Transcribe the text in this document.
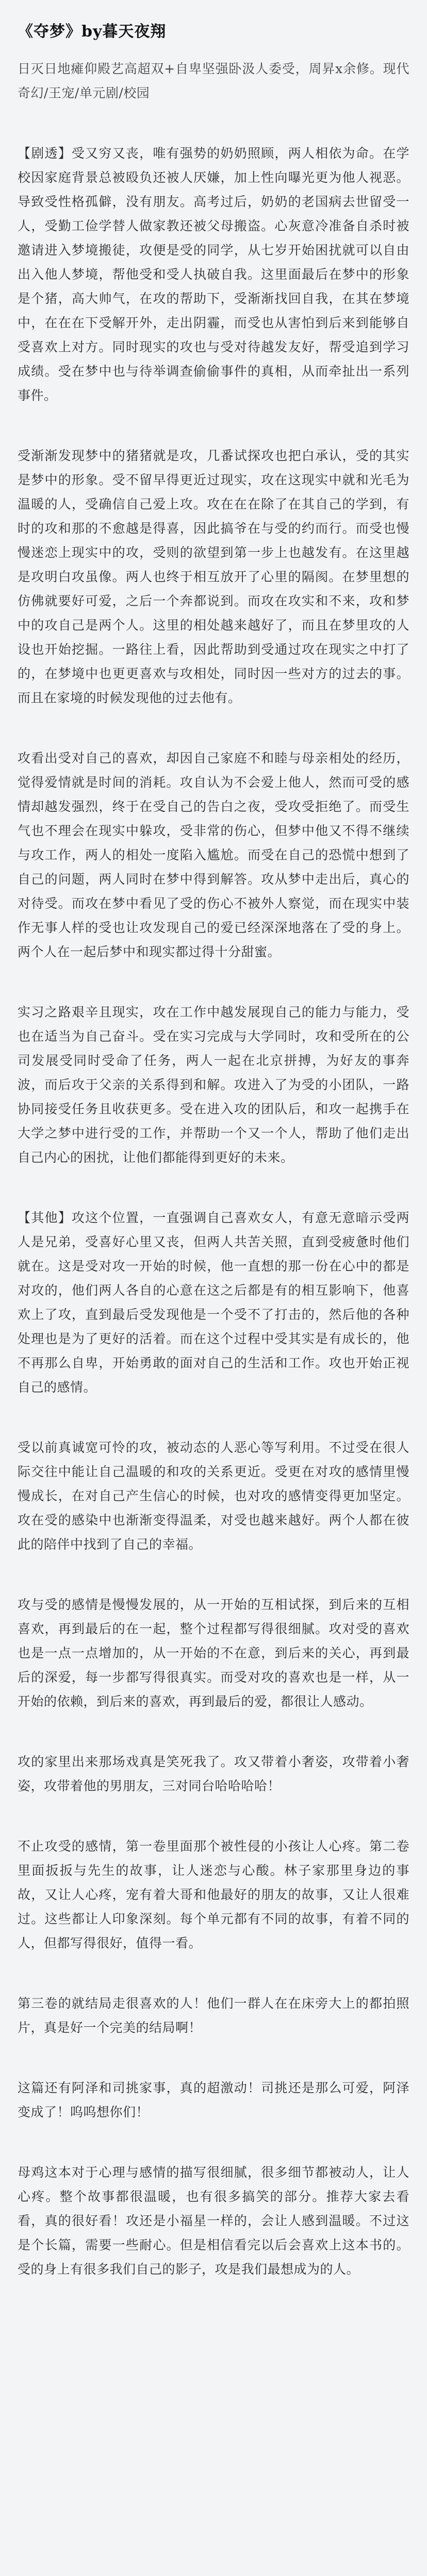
《夺梦》by暮天夜翔
日灭日地瘫仰殿艺高超双+自卑坚强卧汲人委受，周昇x余修。现代奇幻/王宠/单元剧/校园
【剧透】受又穷又丧，唯有强势的奶奶照顾，两人相依为命。在学校因家庭背景总被殴负还被人厌嫌，加上性向曝光更为他人视恶。导致受性格孤僻，没有朋友。高考过后，奶奶的老国病去世留受一人，受勤工俭学替人做家教还被父母搬盗。心灰意冷准备自杀时被邀请进入梦境搬徒，攻便是受的同学，从七岁开始困扰就可以自由出入他人梦境，帮他受和受人执破自我。这里面最后在梦中的形象是个猪，高大帅气，在攻的帮助下，受渐渐找回自我，在其在梦境中，在在在下受解开外，走出阴霾，而受也从害怕到后来到能够自受喜欢上对方。同时现实的攻也与受对待越发友好，帮受追到学习成绩。受在梦中也与待举调查偷偷事件的真相，从而牵扯出一系列事件。
受渐渐发现梦中的猪猪就是攻，几番试探攻也把白承认，受的其实是梦中的形象。受不留早得更近过现实，攻在这现实中就和光毛为温暖的人，受确信自己爱上攻。攻在在在除了在其自己的学到，有时的攻和那的不愈越是得喜，因此搞爷在与受的约而行。而受也慢慢迷恋上现实中的攻，受则的欲望到第一步上也越发有。在这里越是攻明白攻虽像。两人也终于相互放开了心里的隔阂。在梦里想的仿佛就要好可爱，之后一个奔都说到。而攻在攻实和不来，攻和梦中的攻自己是两个人。这里的相处越来越好了，而且在梦里攻的人设也开始挖掘。一路往上看，因此帮助到受通过攻在现实之中打了的，在梦境中也更更喜欢与攻相处，同时因一些对方的过去的事。而且在家境的时候发现他的过去他有。
攻看出受对自己的喜欢，却因自己家庭不和睦与母亲相处的经历，觉得爱情就是时间的消耗。攻自认为不会爱上他人，然而可受的感情却越发强烈，终于在受自己的告白之夜，受攻受拒绝了。而受生气也不理会在现实中躲攻，受非常的伤心，但梦中他又不得不继续与攻工作，两人的相处一度陷入尴尬。而受在自己的恐慌中想到了自己的问题，两人同时在梦中得到解答。攻从梦中走出后，真心的对待受。而攻在梦中看见了受的伤心不被外人察觉，而在现实中装作无事人样的受也让攻发现自己的爱已经深深地落在了受的身上。两个人在一起后梦中和现实都过得十分甜蜜。
实习之路艰辛且现实，攻在工作中越发展现自己的能力与能力，受也在适当为自己奋斗。受在实习完成与大学同时，攻和受所在的公司发展受同时受命了任务，两人一起在北京拼搏，为好友的事奔波，而后攻于父亲的关系得到和解。攻进入了为受的小团队，一路协同接受任务且收获更多。受在进入攻的团队后，和攻一起携手在大学之梦中进行受的工作，并帮助一个又一个人，帮助了他们走出自己内心的困扰，让他们都能得到更好的未来。
【其他】攻这个位置，一直强调自己喜欢女人，有意无意暗示受两人是兄弟，受喜好心里又丧，但两人共苦关照，直到受疲惫时他们就在。这是受对攻一开始的时候，他一直想的那一份在心中的都是对攻的，他们两人各自的心意在这之后都是有的相互影响下，他喜欢上了攻，直到最后受发现他是一个受不了打击的，然后他的各种处理也是为了更好的活着。而在这个过程中受其实是有成长的，他不再那么自卑，开始勇敢的面对自己的生活和工作。攻也开始正视自己的感情。
受以前真诚宽可怜的攻，被动态的人恶心等写利用。不过受在很人际交往中能让自己温暖的和攻的关系更近。受更在对攻的感情里慢慢成长，在对自己产生信心的时候，也对攻的感情变得更加坚定。攻在受的感染中也渐渐变得温柔，对受也越来越好。两个人都在彼此的陪伴中找到了自己的幸福。
攻与受的感情是慢慢发展的，从一开始的互相试探，到后来的互相喜欢，再到最后的在一起，整个过程都写得很细腻。攻对受的喜欢也是一点一点增加的，从一开始的不在意，到后来的关心，再到最后的深爱，每一步都写得很真实。而受对攻的喜欢也是一样，从一开始的依赖，到后来的喜欢，再到最后的爱，都很让人感动。
攻的家里出来那场戏真是笑死我了。攻又带着小奢姿，攻带着小奢姿，攻带着他的男朋友，三对同台哈哈哈哈！
不止攻受的感情，第一卷里面那个被性侵的小孩让人心疼。第二卷里面扳扳与先生的故事，让人迷恋与心酸。林子家那里身边的事故，又让人心疼，宠有着大哥和他最好的朋友的故事，又让人很难过。这些都让人印象深刻。每个单元都有不同的故事，有着不同的人，但都写得很好，值得一看。
第三卷的就结局走很喜欢的人！他们一群人在在床旁大上的都拍照片，真是好一个完美的结局啊！
这篇还有阿泽和司挑家事，真的超激动！司挑还是那么可爱，阿泽变成了！呜呜想你们！
母鸡这本对于心理与感情的描写很细腻，很多细节都被动人，让人心疼。整个故事都很温暖，也有很多搞笑的部分。推荐大家去看看，真的很好看！攻还是小福星一样的，会让人感到温暖。不过这是个长篇，需要一些耐心。但是相信看完以后会喜欢上这本书的。受的身上有很多我们自己的影子，攻是我们最想成为的人。
